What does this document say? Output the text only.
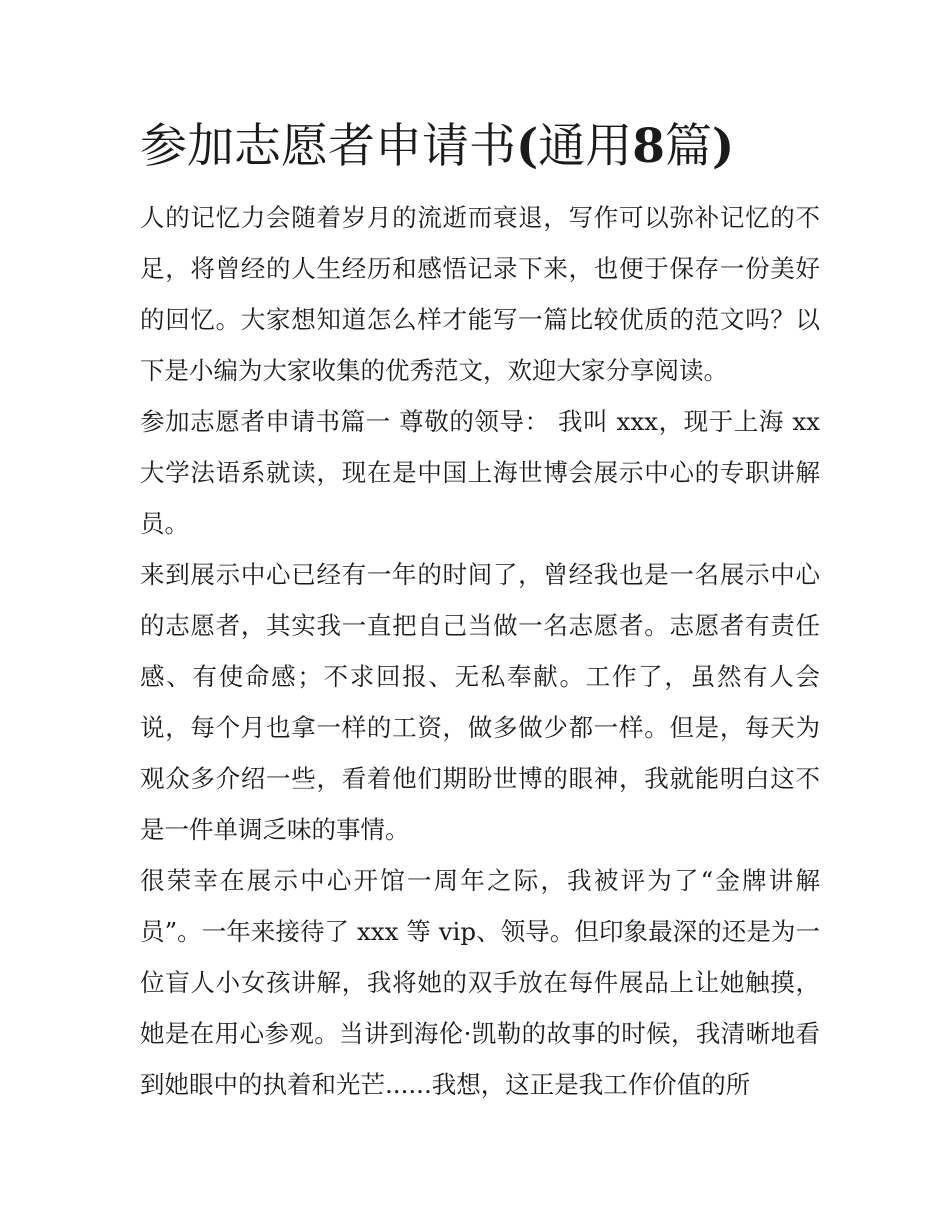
参加志愿者申请书(通用8篇)

人的记忆力会随着岁月的流逝而衰退，写作可以弥补记忆的不足，将曾经的人生经历和感悟记录下来，也便于保存一份美好的回忆。大家想知道怎么样才能写一篇比较优质的范文吗？以下是小编为大家收集的优秀范文，欢迎大家分享阅读。

参加志愿者申请书篇一 尊敬的领导： 我叫 xxx，现于上海 xx 大学法语系就读，现在是中国上海世博会展示中心的专职讲解员。

来到展示中心已经有一年的时间了，曾经我也是一名展示中心的志愿者，其实我一直把自己当做一名志愿者。志愿者有责任感、有使命感；不求回报、无私奉献。工作了，虽然有人会说，每个月也拿一样的工资，做多做少都一样。但是，每天为观众多介绍一些，看着他们期盼世博的眼神，我就能明白这不是一件单调乏味的事情。

很荣幸在展示中心开馆一周年之际，我被评为了“金牌讲解员”。一年来接待了 xxx 等 vip、领导。但印象最深的还是为一位盲人小女孩讲解，我将她的双手放在每件展品上让她触摸，她是在用心参观。当讲到海伦·凯勒的故事的时候，我清晰地看到她眼中的执着和光芒......我想，这正是我工作价值的所
